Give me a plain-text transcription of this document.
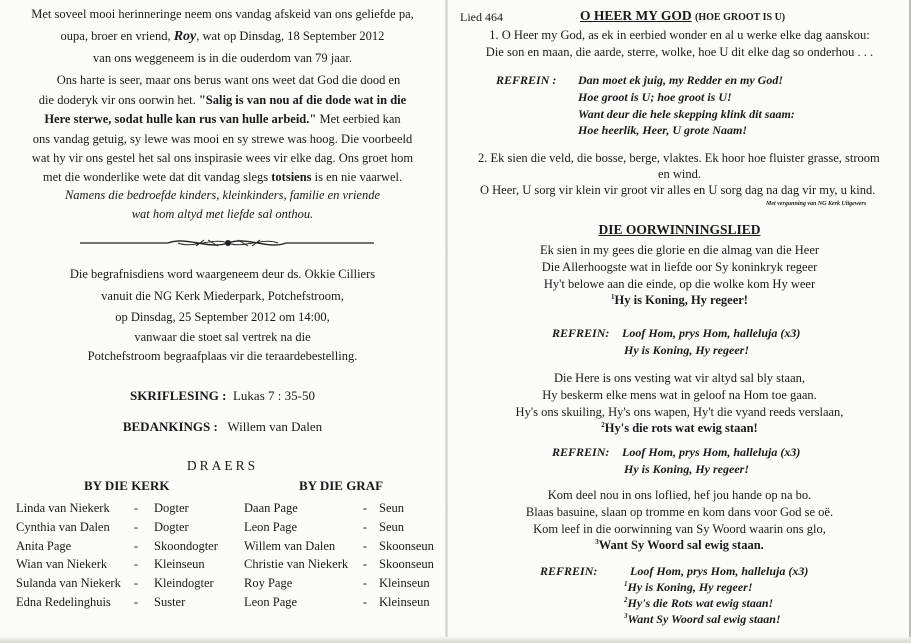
Met soveel mooi herinneringe neem ons vandag afskeid van ons geliefde pa,
oupa, broer en vriend, Roy, wat op Dinsdag, 18 September 2012
van ons weggeneem is in die ouderdom van 79 jaar.
Ons harte is seer, maar ons berus want ons weet dat God die dood en
die doderyk vir ons oorwin het. "Salig is van nou af die dode wat in die
Here sterwe, sodat hulle kan rus van hulle arbeid." Met eerbied kan
ons vandag getuig, sy lewe was mooi en sy strewe was hoog. Die voorbeeld
wat hy vir ons gestel het sal ons inspirasie wees vir elke dag. Ons groet hom
met die wonderlike wete dat dit vandag slegs totsiens is en nie vaarwel.
Namens die bedroefde kinders, kleinkinders, familie en vriende
wat hom altyd met liefde sal onthou.
Die begrafnisdiens word waargeneem deur ds. Okkie Cilliers
vanuit die NG Kerk Miederpark, Potchefstroom,
op Dinsdag, 25 September 2012 om 14:00,
vanwaar die stoet sal vertrek na die
Potchefstroom begraafplaas vir die teraardebestelling.
SKRIFLESING : Lukas 7 : 35-50
BEDANKINGS : Willem van Dalen
DRAERS
BY DIE KERK	BY DIE GRAF
Linda van Niekerk - Dogter
Cynthia van Dalen - Dogter
Anita Page	- Skoondogter
Wian van Niekerk - Kleinseun
Sulanda van Niekerk - Kleindogter
Edna Redelinghuis - Suster
Daan Page	- Seun
Leon Page	- Seun
Willem van Dalen - Skoonseun
Christie van Niekerk - Skoonseun
Roy Page	- Kleinseun
Leon Page	- Kleinseun
Lied 464	O HEER MY GOD (HOE GROOT IS U)
1. O Heer my God, as ek in eerbied wonder en al u werke elke dag aanskou:
Die son en maan, die aarde, sterre, wolke, hoe U dit elke dag so onderhou . . .
REFREIN : Dan moet ek juig, my Redder en my God!
Hoe groot is U; hoe groot is U!
Want deur die hele skepping klink dit saam:
Hoe heerlik, Heer, U grote Naam!
2. Ek sien die veld, die bosse, berge, vlaktes. Ek hoor hoe fluister grasse, stroom
en wind.
O Heer, U sorg vir klein vir groot vir alles en U sorg dag na dag vir my, u kind.
Met vergunning van NG Kerk Uitgewers
DIE OORWINNINGSLIED
Ek sien in my gees die glorie en die almag van die Heer
Die Allerhoogste wat in liefde oor Sy koninkryk regeer
Hy't belowe aan die einde, op die wolke kom Hy weer
$^1$Hy is Koning, Hy regeer!
REFREIN: Loof Hom, prys Hom, halleluja (x3)
Hy is Koning, Hy regeer!
Die Here is ons vesting wat vir altyd sal bly staan,
Hy beskerm elke mens wat in geloof na Hom toe gaan.
Hy's ons skuiling, Hy's ons wapen, Hy't die vyand reeds verslaan,
$^2$Hy's die rots wat ewig staan!
REFREIN: Loof Hom, prys Hom, halleluja (x3)
Hy is Koning, Hy regeer!
Kom deel nou in ons loflied, hef jou hande op na bo.
Blaas basuine, slaan op tromme en kom dans voor God se oë.
Kom leef in die oorwinning van Sy Woord waarin ons glo,
$^3$Want Sy Woord sal ewig staan.
REFREIN:	Loof Hom, prys Hom, halleluja (x3)
$^1$Hy is Koning, Hy regeer!
$^2$Hy's die Rots wat ewig staan!
$^3$Want Sy Woord sal ewig staan!
